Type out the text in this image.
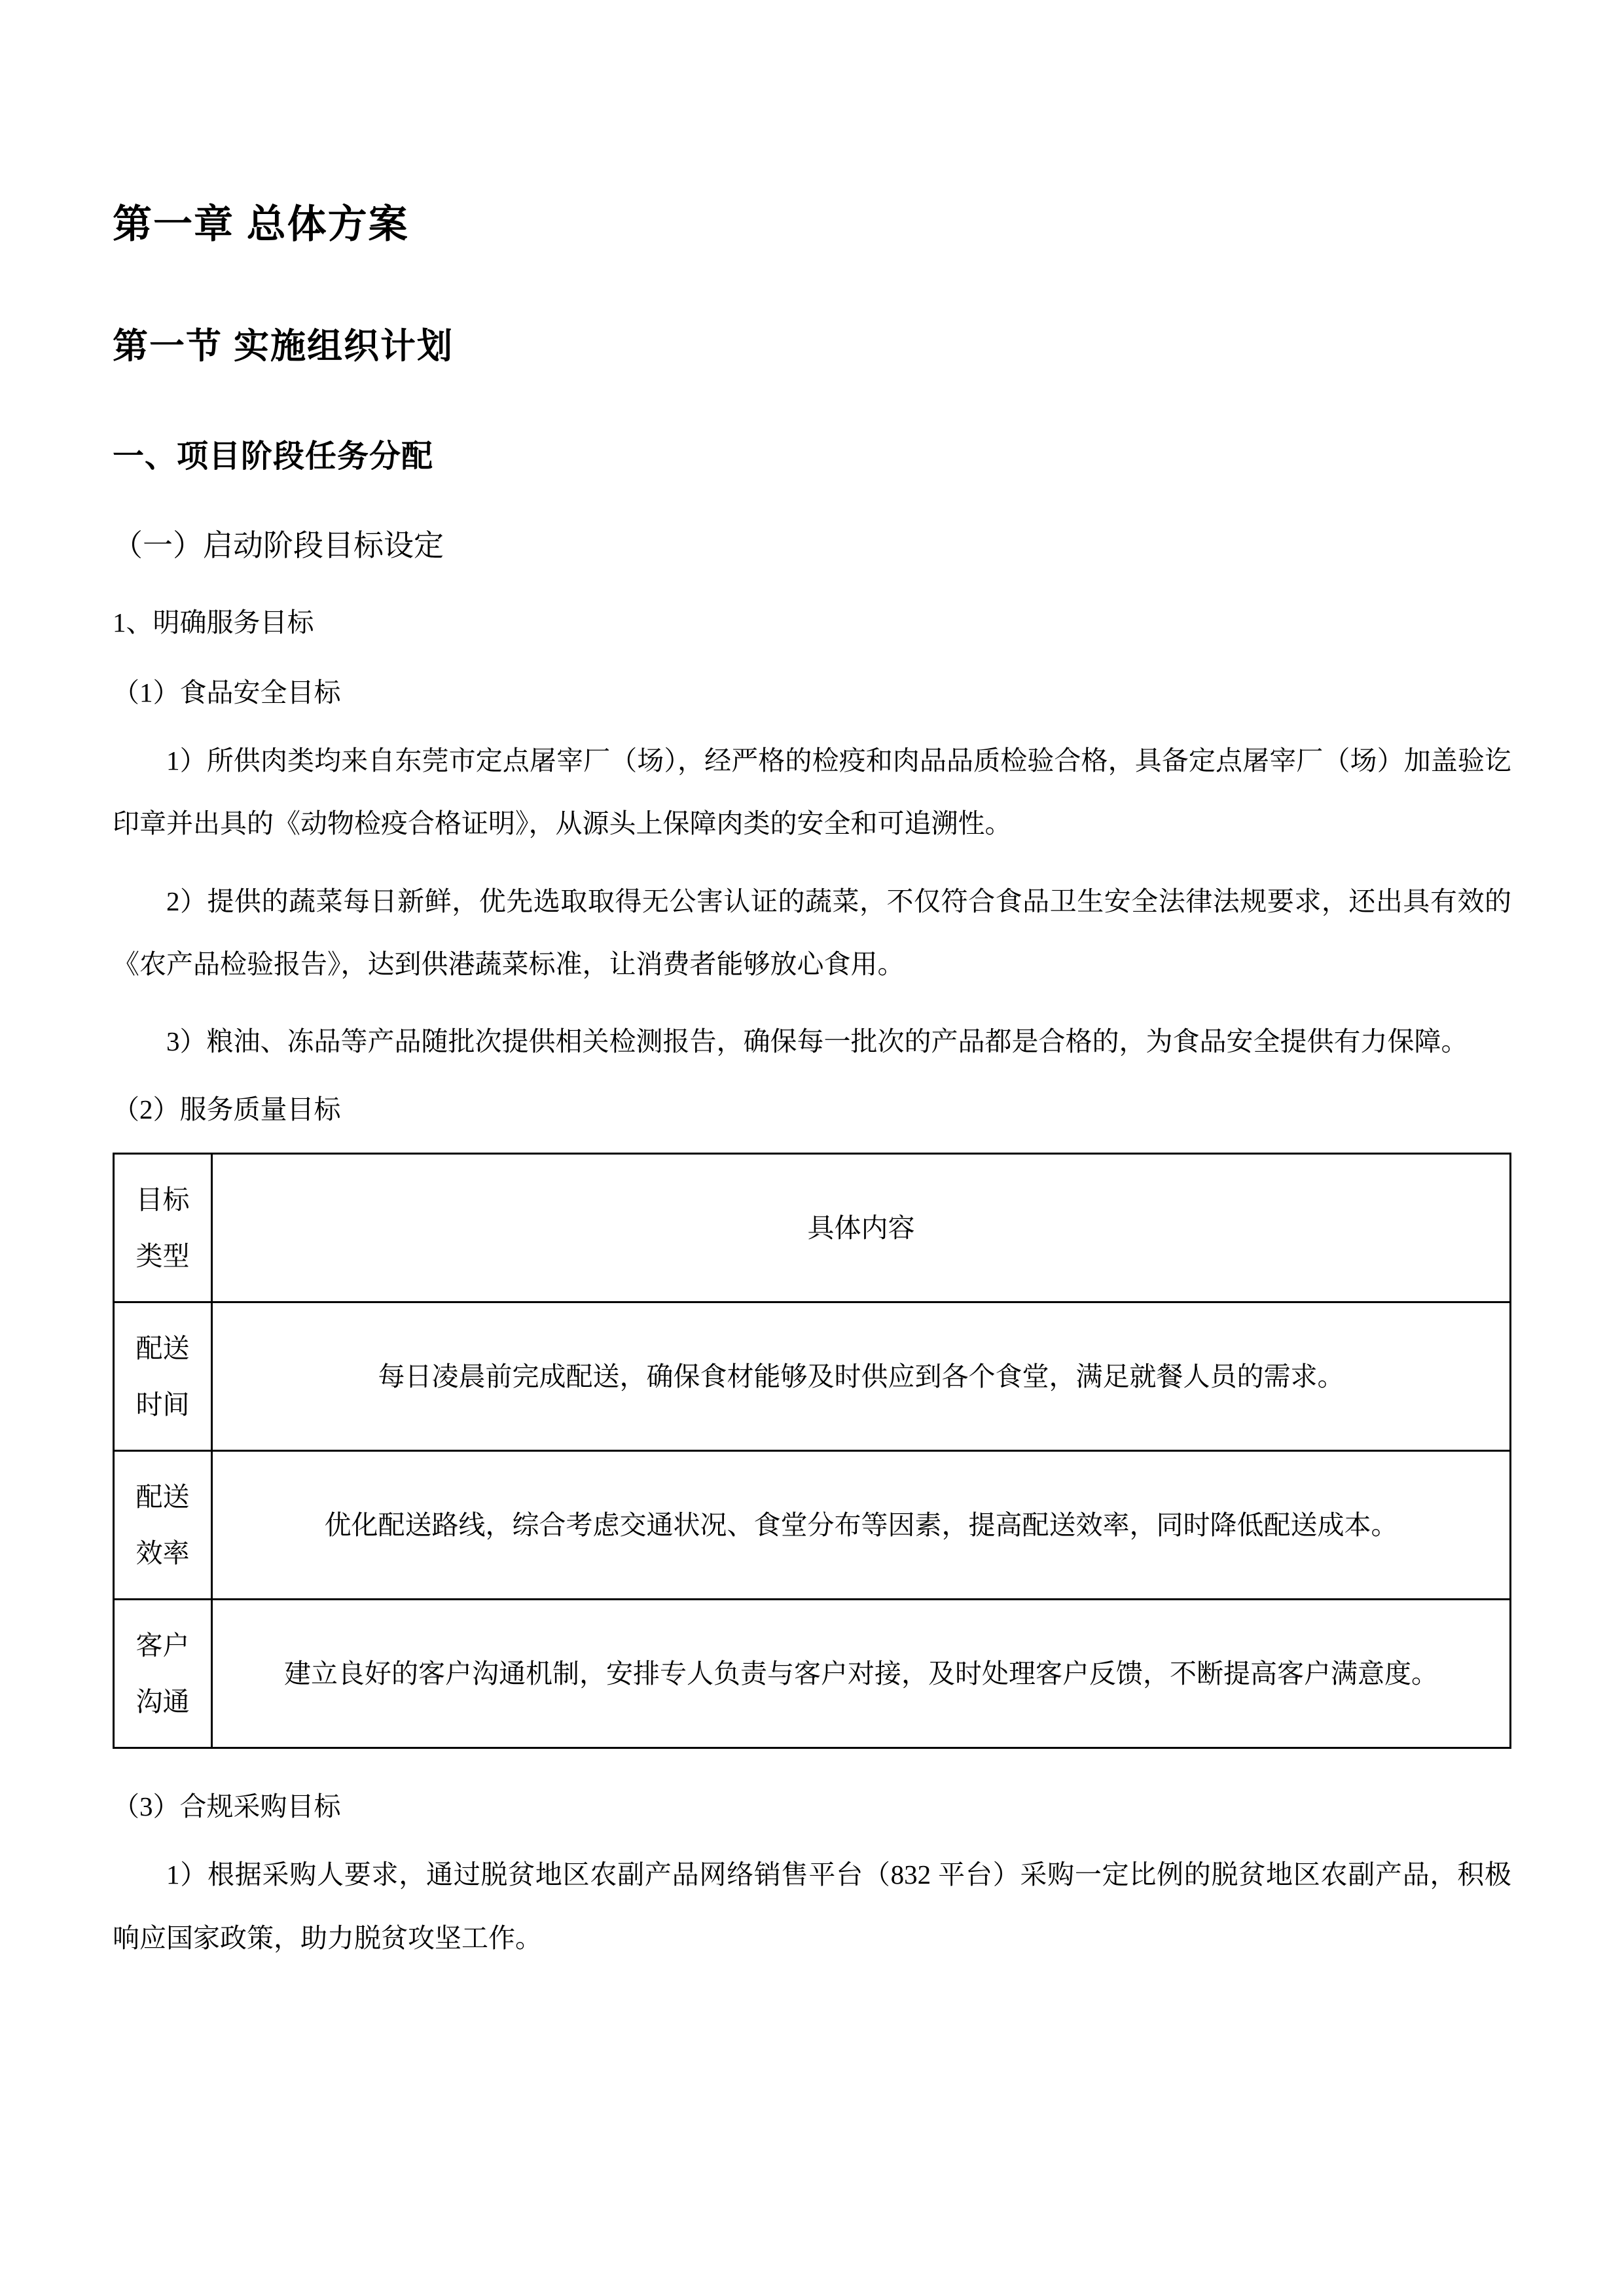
第一章 总体方案
第一节 实施组织计划
一、项目阶段任务分配
（一）启动阶段目标设定
1、明确服务目标
（1）食品安全目标

1）所供肉类均来自东莞市定点屠宰厂（场），经严格的检疫和肉品品质检验合格，具备定点屠宰厂（场）加盖验讫印章并出具的《动物检疫合格证明》，从源头上保障肉类的安全和可追溯性。

2）提供的蔬菜每日新鲜，优先选取取得无公害认证的蔬菜，不仅符合食品卫生安全法律法规要求，还出具有效的《农产品检验报告》，达到供港蔬菜标准，让消费者能够放心食用。

3）粮油、冻品等产品随批次提供相关检测报告，确保每一批次的产品都是合格的，为食品安全提供有力保障。

（2）服务质量目标
目标类型	具体内容
配送时间	每日凌晨前完成配送，确保食材能够及时供应到各个食堂，满足就餐人员的需求。
配送效率	优化配送路线，综合考虑交通状况、食堂分布等因素，提高配送效率，同时降低配送成本。
客户沟通	建立良好的客户沟通机制，安排专人负责与客户对接，及时处理客户反馈，不断提高客户满意度。
（3）合规采购目标

1）根据采购人要求，通过脱贫地区农副产品网络销售平台（832 平台）采购一定比例的脱贫地区农副产品，积极响应国家政策，助力脱贫攻坚工作。
